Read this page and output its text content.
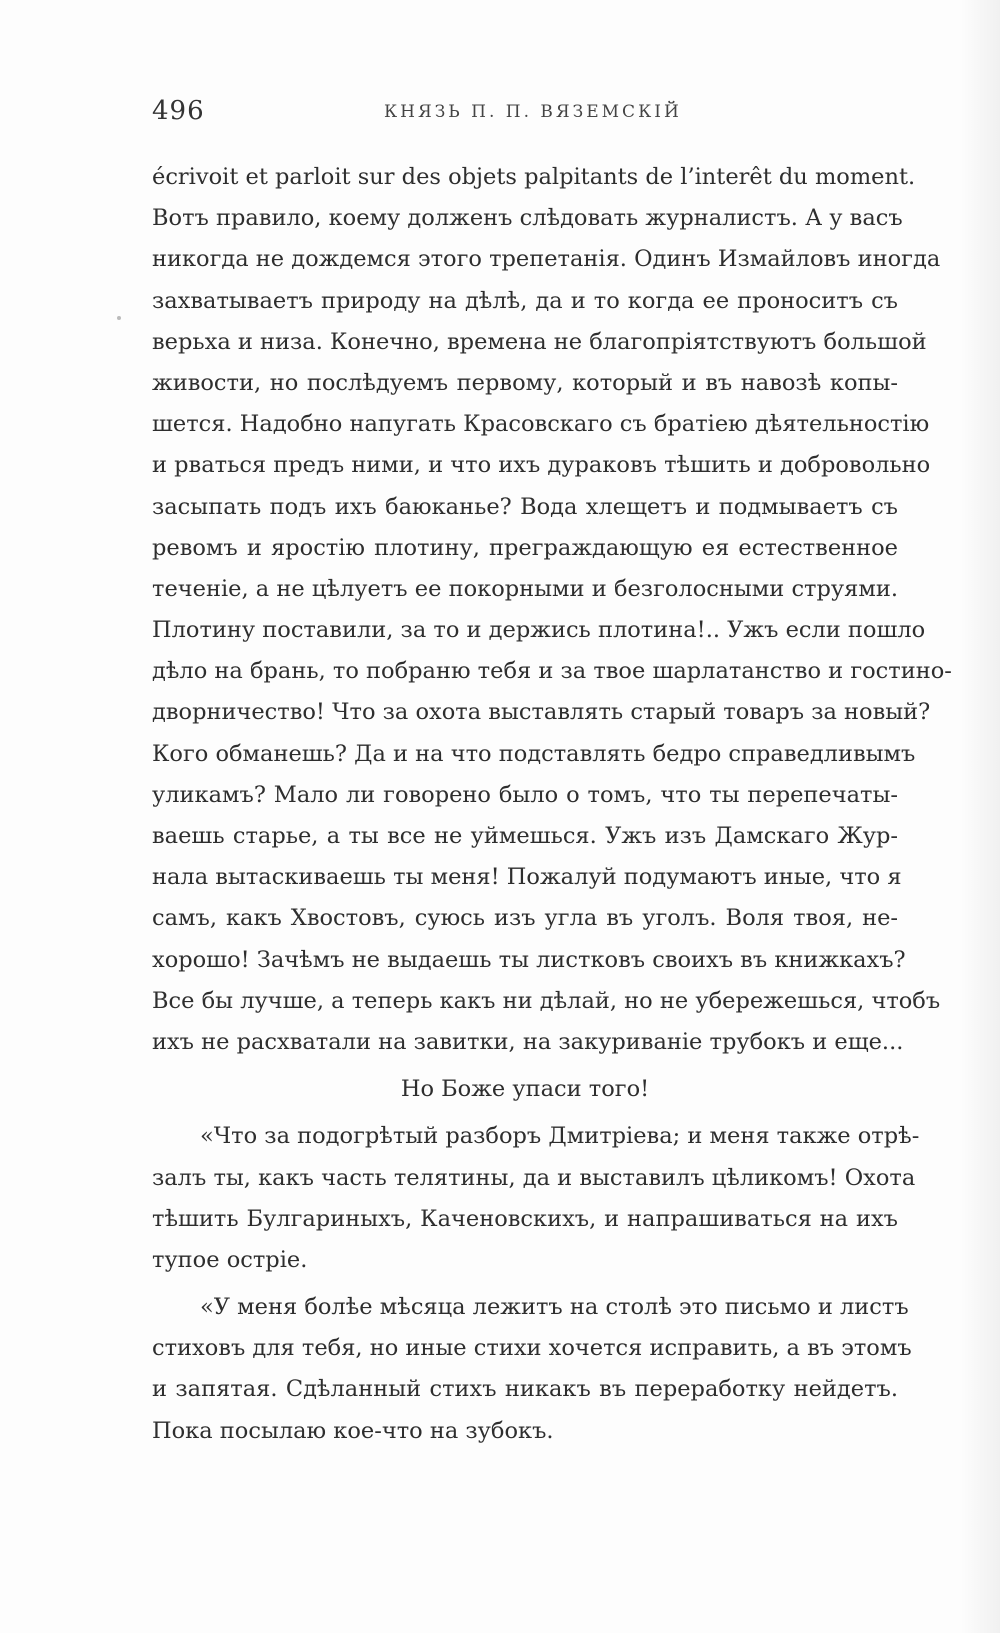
496	КНЯЗЬ П. П. ВЯЗЕМСКІЙ
écrivoit et parloit sur des objets palpitants de l’interêt du moment.
Вотъ правило, коему долженъ слѣдовать журналистъ. А у васъ
никогда не дождемся этого трепетанія. Одинъ Измайловъ иногда
захватываетъ природу на дѣлѣ, да и то когда ее проноситъ съ
верьха и низа. Конечно, времена не благопріятствуютъ большой
живости, но послѣдуемъ первому, который и въ навозѣ копы-
шется. Надобно напугать Красовскаго съ братіею дѣятельностію
и рваться предъ ними, и что ихъ дураковъ тѣшить и добровольно
засыпать подъ ихъ баюканье? Вода хлещетъ и подмываетъ съ
ревомъ и яростію плотину, преграждающую ея естественное
теченіе, а не цѣлуетъ ее покорными и безголосными струями.
Плотину поставили, за то и держись плотина!.. Ужъ если пошло
дѣло на брань, то побраню тебя и за твое шарлатанство и гостино-
дворничество! Что за охота выставлять старый товаръ за новый?
Кого обманешь? Да и на что подставлять бедро справедливымъ
уликамъ? Мало ли говорено было о томъ, что ты перепечаты-
ваешь старье, а ты все не уймешься. Ужъ изъ Дамскаго Жур-
нала вытаскиваешь ты меня! Пожалуй подумаютъ иные, что я
самъ, какъ Хвостовъ, суюсь изъ угла въ уголъ. Воля твоя, не-
хорошо! Зачѣмъ не выдаешь ты листковъ своихъ въ книжкахъ?
Все бы лучше, а теперь какъ ни дѣлай, но не убережешься, чтобъ
ихъ не расхватали на завитки, на закуриваніе трубокъ и еще...
Но Боже упаси того!
«Что за подогрѣтый разборъ Дмитріева; и меня также отрѣ-
залъ ты, какъ часть телятины, да и выставилъ цѣликомъ! Охота
тѣшить Булгариныхъ, Каченовскихъ, и напрашиваться на ихъ
тупое остріе.
«У меня болѣе мѣсяца лежитъ на столѣ это письмо и листъ
стиховъ для тебя, но иные стихи хочется исправить, а въ этомъ
и запятая. Сдѣланный стихъ никакъ въ переработку нейдетъ.
Пока посылаю кое-что на зубокъ.
